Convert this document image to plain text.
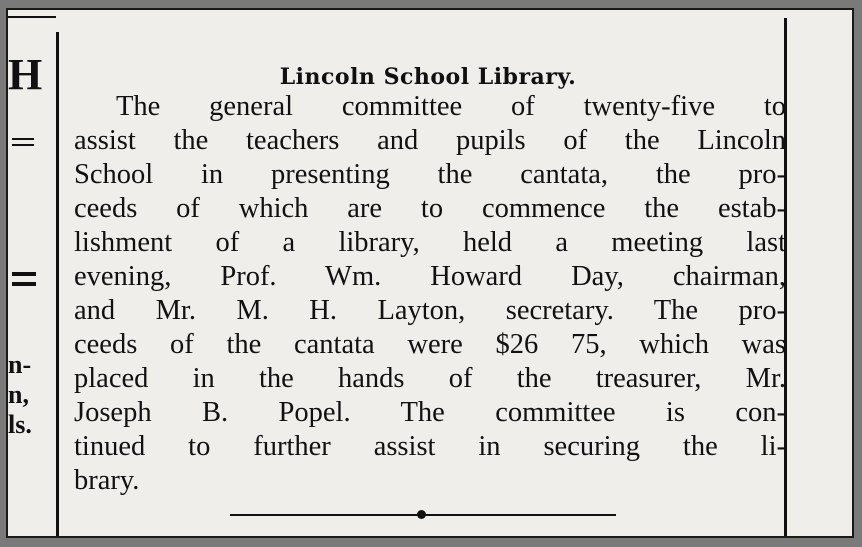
H
n-
n,
ls.
Lincoln School Library.
The general committee of twenty-five to
assist the teachers and pupils of the Lincoln
School in presenting the cantata, the pro-
ceeds of which are to commence the estab-
lishment of a library, held a meeting last
evening, Prof. Wm. Howard Day, chairman,
and Mr. M. H. Layton, secretary. The pro-
ceeds of the cantata were $26 75, which was
placed in the hands of the treasurer, Mr.
Joseph B. Popel. The committee is con-
tinued to further assist in securing the li-
brary.
